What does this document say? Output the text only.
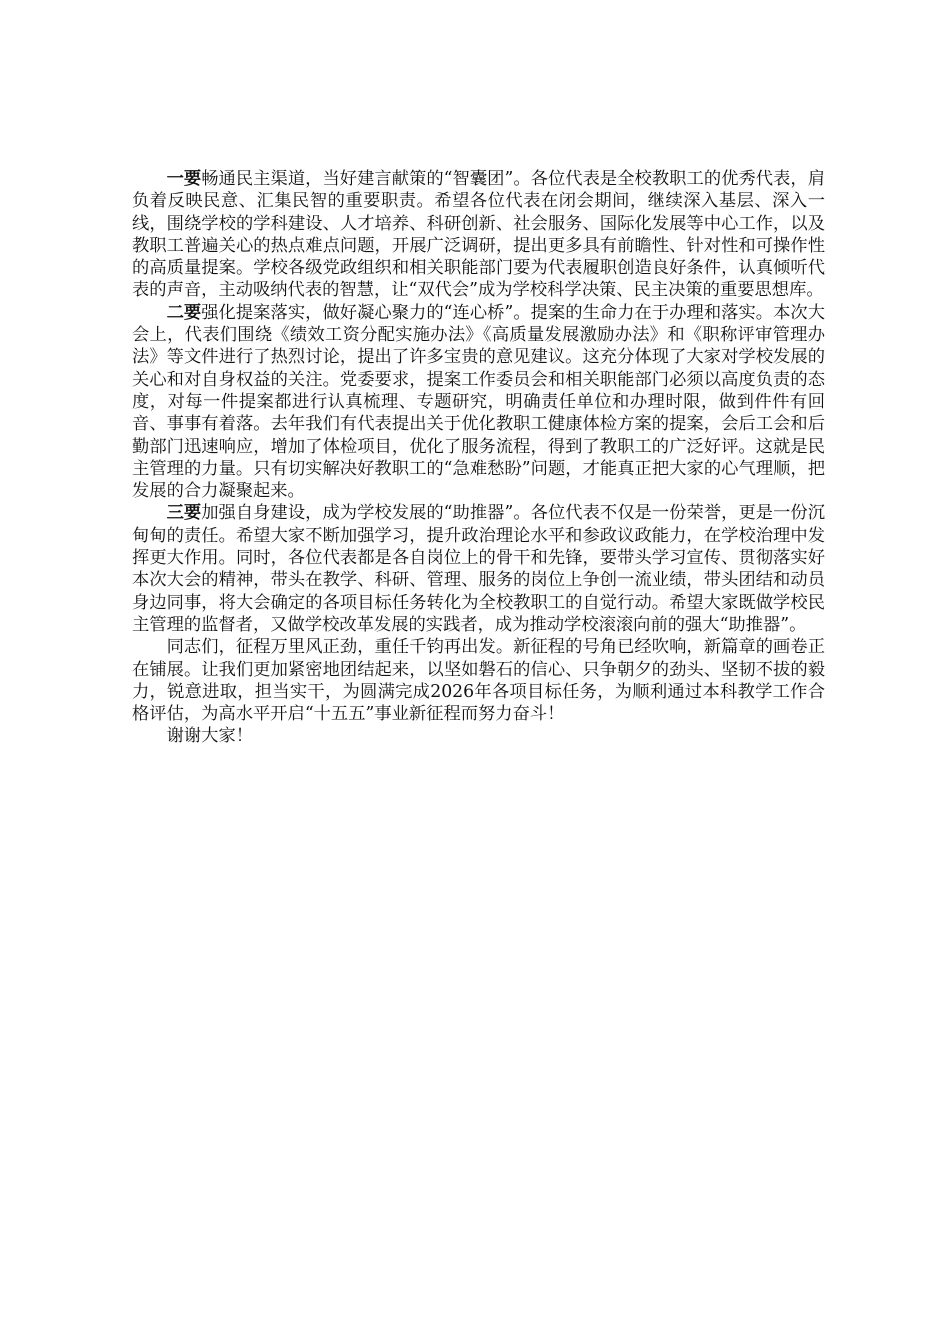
一要畅通民主渠道，当好建言献策的“智囊团”。各位代表是全校教职工的优秀代表，肩负着反映民意、汇集民智的重要职责。希望各位代表在闭会期间，继续深入基层、深入一线，围绕学校的学科建设、人才培养、科研创新、社会服务、国际化发展等中心工作，以及教职工普遍关心的热点难点问题，开展广泛调研，提出更多具有前瞻性、针对性和可操作性的高质量提案。学校各级党政组织和相关职能部门要为代表履职创造良好条件，认真倾听代表的声音，主动吸纳代表的智慧，让“双代会”成为学校科学决策、民主决策的重要思想库。

二要强化提案落实，做好凝心聚力的“连心桥”。提案的生命力在于办理和落实。本次大会上，代表们围绕《绩效工资分配实施办法》《高质量发展激励办法》和《职称评审管理办法》等文件进行了热烈讨论，提出了许多宝贵的意见建议。这充分体现了大家对学校发展的关心和对自身权益的关注。党委要求，提案工作委员会和相关职能部门必须以高度负责的态度，对每一件提案都进行认真梳理、专题研究，明确责任单位和办理时限，做到件件有回音、事事有着落。去年我们有代表提出关于优化教职工健康体检方案的提案，会后工会和后勤部门迅速响应，增加了体检项目，优化了服务流程，得到了教职工的广泛好评。这就是民主管理的力量。只有切实解决好教职工的“急难愁盼”问题，才能真正把大家的心气理顺，把发展的合力凝聚起来。

三要加强自身建设，成为学校发展的“助推器”。各位代表不仅是一份荣誉，更是一份沉甸甸的责任。希望大家不断加强学习，提升政治理论水平和参政议政能力，在学校治理中发挥更大作用。同时，各位代表都是各自岗位上的骨干和先锋，要带头学习宣传、贯彻落实好本次大会的精神，带头在教学、科研、管理、服务的岗位上争创一流业绩，带头团结和动员身边同事，将大会确定的各项目标任务转化为全校教职工的自觉行动。希望大家既做学校民主管理的监督者，又做学校改革发展的实践者，成为推动学校滚滚向前的强大“助推器”。

同志们，征程万里风正劲，重任千钧再出发。新征程的号角已经吹响，新篇章的画卷正在铺展。让我们更加紧密地团结起来，以坚如磐石的信心、只争朝夕的劲头、坚韧不拔的毅力，锐意进取，担当实干，为圆满完成2026年各项目标任务，为顺利通过本科教学工作合格评估，为高水平开启“十五五”事业新征程而努力奋斗！

谢谢大家！
